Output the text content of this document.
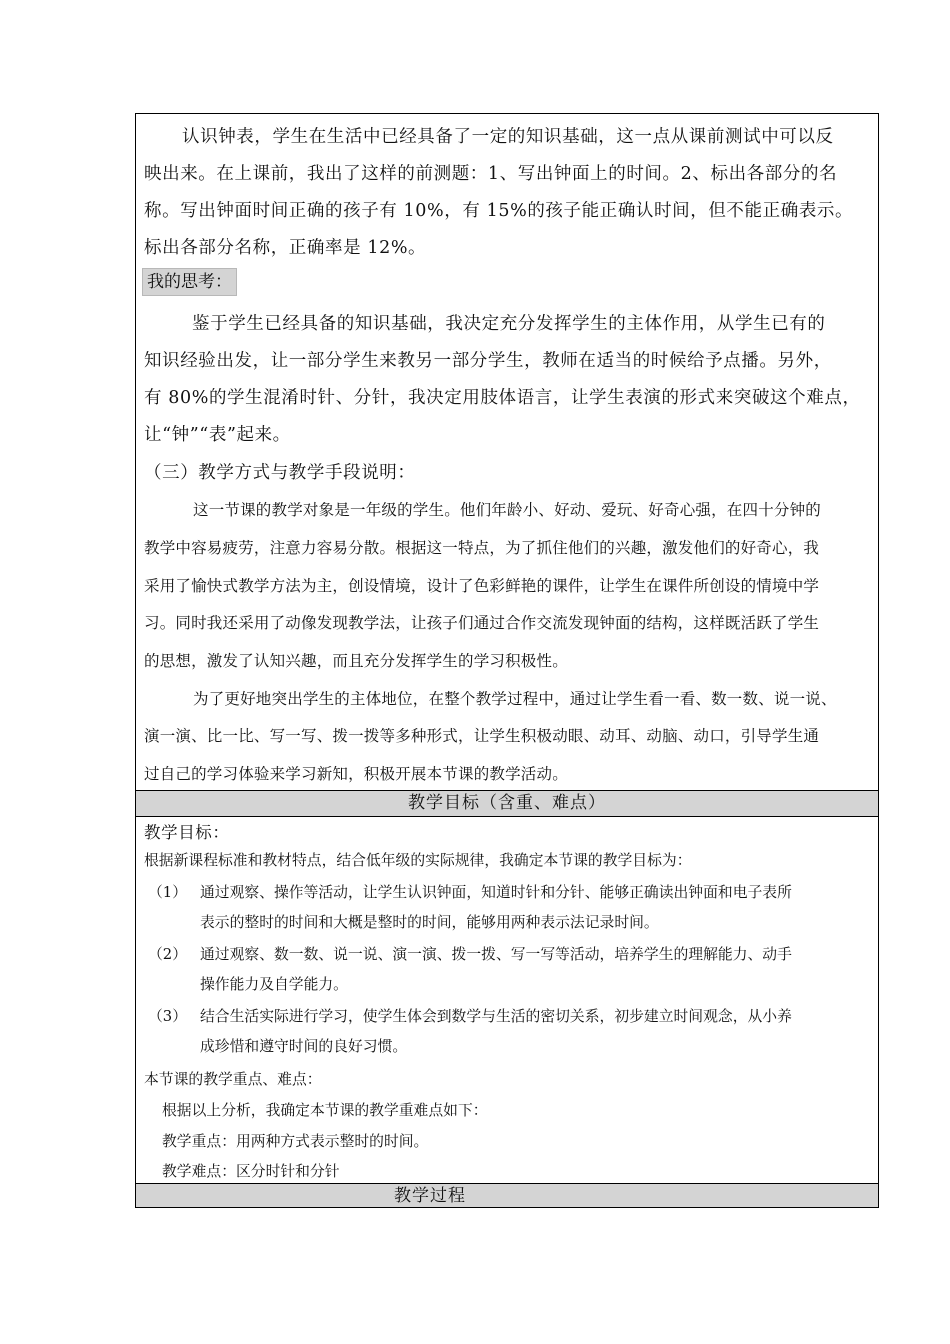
认识钟表，学生在生活中已经具备了一定的知识基础，这一点从课前测试中可以反
映出来。在上课前，我出了这样的前测题：1、写出钟面上的时间。2、标出各部分的名
称。写出钟面时间正确的孩子有 10%，有 15%的孩子能正确认时间，但不能正确表示。
标出各部分名称，正确率是 12%。
我的思考：
鉴于学生已经具备的知识基础，我决定充分发挥学生的主体作用，从学生已有的
知识经验出发，让一部分学生来教另一部分学生，教师在适当的时候给予点播。另外，
有 80%的学生混淆时针、分针，我决定用肢体语言，让学生表演的形式来突破这个难点，
让“钟”“表”起来。
（三）教学方式与教学手段说明：
这一节课的教学对象是一年级的学生。他们年龄小、好动、爱玩、好奇心强，在四十分钟的
教学中容易疲劳，注意力容易分散。根据这一特点，为了抓住他们的兴趣，激发他们的好奇心，我
采用了愉快式教学方法为主，创设情境，设计了色彩鲜艳的课件，让学生在课件所创设的情境中学
习。同时我还采用了动像发现教学法，让孩子们通过合作交流发现钟面的结构，这样既活跃了学生
的思想，激发了认知兴趣，而且充分发挥学生的学习积极性。
为了更好地突出学生的主体地位，在整个教学过程中，通过让学生看一看、数一数、说一说、
演一演、比一比、写一写、拨一拨等多种形式，让学生积极动眼、动耳、动脑、动口，引导学生通
过自己的学习体验来学习新知，积极开展本节课的教学活动。
教学目标（含重、难点）
教学目标：
根据新课程标准和教材特点，结合低年级的实际规律，我确定本节课的教学目标为：
（1） 通过观察、操作等活动，让学生认识钟面，知道时针和分针、能够正确读出钟面和电子表所
表示的整时的时间和大概是整时的时间，能够用两种表示法记录时间。
（2） 通过观察、数一数、说一说、演一演、拨一拨、写一写等活动，培养学生的理解能力、动手
操作能力及自学能力。
（3） 结合生活实际进行学习，使学生体会到数学与生活的密切关系，初步建立时间观念，从小养
成珍惜和遵守时间的良好习惯。
本节课的教学重点、难点：
根据以上分析，我确定本节课的教学重难点如下：
教学重点：用两种方式表示整时的时间。
教学难点：区分时针和分针
教学过程
